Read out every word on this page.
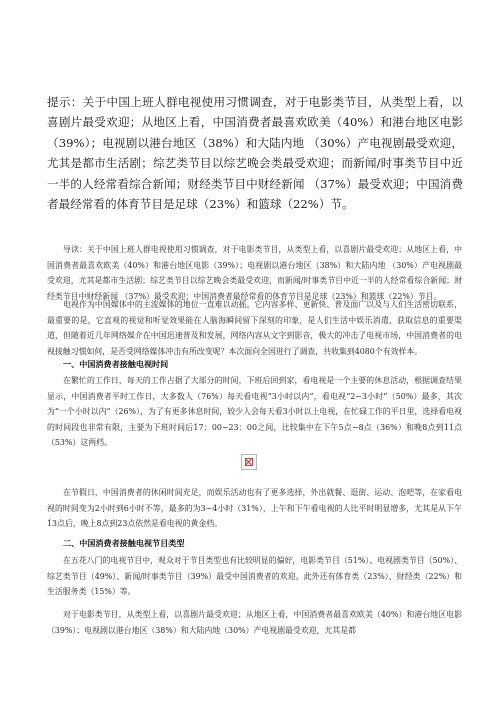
提示：关于中国上班人群电视使用习惯调查，对于电影类节目，从类型上看，以喜剧片最受欢迎；从地区上看，中国消费者最喜欢欧美（40%）和港台地区电影（39%）；电视剧以港台地区（38%）和大陆内地 （30%）产电视剧最受欢迎，尤其是都市生活剧；综艺类节目以综艺晚会类最受欢迎；而新闻/时事类节目中近一半的人经常看综合新闻；财经类节目中财经新闻 （37%）最受欢迎；中国消费者最经常看的体育节目是足球（23%）和篮球（22%）节。

导读：关于中国上班人群电视使用习惯调查，对于电影类节目，从类型上看，以喜剧片最受欢迎；从地区上看，中国消费者最喜欢欧美（40%）和港台地区电影（39%）；电视剧以港台地区（38%）和大陆内地 （30%）产电视剧最受欢迎，尤其是都市生活剧；综艺类节目以综艺晚会类最受欢迎，而新闻/时事类节目中近一半的人经常看综合新闻；财经类节目中财经新闻 （37%）最受欢迎；中国消费者最经常看的体育节目是足球（23%）和篮球（22%）节目。

电视作为中国媒体中的主流媒体的地位一直难以动摇。它内容多样、更新快、普及面广以及与人们生活密切联系，最重要的是，它直观的视觉和听觉效果能在人脑海瞬间留下深刻的印象，是人们生活中娱乐消遣、获取信息的重要渠道，但随着近几年网络媒介在中国迅速普及和发展，网络内容从文字到影音，极大的冲击了电视市场，中国消费者的电视接触习惯如何，是否受网络媒体冲击有所改变呢？本次面向全国进行了调查，共收集到4080个有效样本。

一、中国消费者接触电视时间

在繁忙的工作日，每天的工作占据了大部分的时间，下班后回到家，看电视是一个主要的休息活动，根据调查结果显示，中国消费者平时工作日，大多数人（76%）每天看电视“3小时以内”，看电视“2~3小时”（50%）最多，其次为“一个小时以内”（26%），为了有更多休息时间，较少人会每天看3小时以上电视，在忙碌工作的平日里，选择看电视的时间段也非常有限，主要为下班时间后17：00~23：00之间，比较集中在下午5点~8点（36%）和晚8点到11点（53%）这两档。

在节假日，中国消费者的休闲时间充足，而娱乐活动也有了更多选择，外出就餐、逛街、运动、泡吧等，在家看电视的时间变为2小时到6小时不等，最多的为3~4小时（31%），上午和下午看电视的人比平时明显增多，尤其是从下午13点后，晚上8点到23点依然是看电视的黄金档。

二、中国消费者接触电视节目类型

在五花八门的电视节目中，观众对于节目类型也有比较明显的偏好，电影类节目（51%）、电视剧类节目（50%）、综艺类节目（49%）、新闻/时事类节目（39%）最受中国消费者的欢迎。此外还有体育类（23%）、财经类（22%）和生活服务类（15%）等。

对于电影类节目，从类型上看，以喜剧片最受欢迎；从地区上看，中国消费者最喜欢欧美（40%）和港台地区电影（39%）；电视剧以港台地区（38%）和大陆内地（30%）产电视剧最受欢迎，尤其是都
